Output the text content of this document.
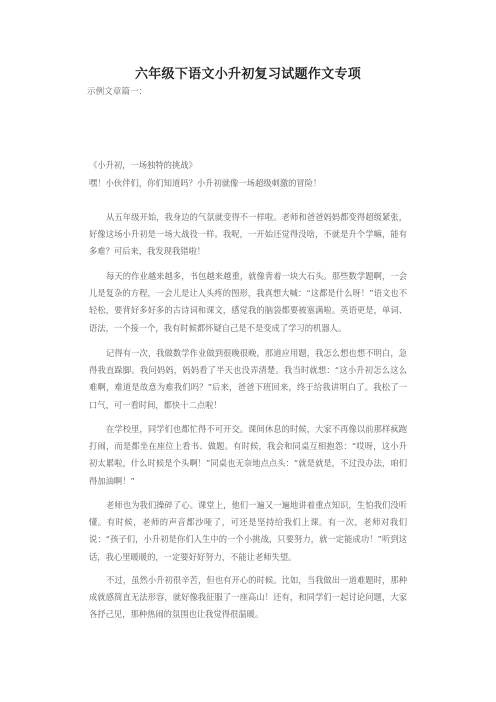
六年级下语文小升初复习试题作文专项
示例文章篇一：
《小升初，一场独特的挑战》
嘿！小伙伴们，你们知道吗？小升初就像一场超级刺激的冒险！
从五年级开始，我身边的气氛就变得不一样啦。老师和爸爸妈妈都变得超级紧张，好像这场小升初是一场大战役一样。我呢，一开始还觉得没啥，不就是升个学嘛，能有多难？可后来，我发现我错啦！
每天的作业越来越多，书包越来越重，就像背着一块大石头。那些数学题啊，一会儿是复杂的方程，一会儿是让人头疼的图形，我真想大喊：“这都是什么呀！”语文也不轻松，要背好多好多的古诗词和课文，感觉我的脑袋都要被塞满啦。英语更是，单词、语法，一个接一个，我有时候都怀疑自己是不是变成了学习的机器人。
记得有一次，我做数学作业做到很晚很晚，那道应用题，我怎么想也想不明白，急得我直跺脚。我问妈妈，妈妈看了半天也没弄清楚。我当时就想：“这小升初怎么这么难啊，难道是故意为难我们吗？”后来，爸爸下班回来，终于给我讲明白了。我松了一口气，可一看时间，都快十二点啦！
在学校里，同学们也都忙得不可开交。课间休息的时候，大家不再像以前那样疯跑打闹，而是都坐在座位上看书、做题。有时候，我会和同桌互相抱怨：“哎呀，这小升初太累啦，什么时候是个头啊！”同桌也无奈地点点头：“就是就是，不过没办法，咱们得加油啊！”
老师也为我们操碎了心。课堂上，他们一遍又一遍地讲着重点知识，生怕我们没听懂。有时候，老师的声音都沙哑了，可还是坚持给我们上课。有一次，老师对我们说：“孩子们，小升初是你们人生中的一个小挑战，只要努力，就一定能成功！”听到这话，我心里暖暖的，一定要好好努力，不能让老师失望。
不过，虽然小升初很辛苦，但也有开心的时候。比如，当我做出一道难题时，那种成就感简直无法形容，就好像我征服了一座高山！还有，和同学们一起讨论问题，大家各抒己见，那种热闹的氛围也让我觉得很温暖。
